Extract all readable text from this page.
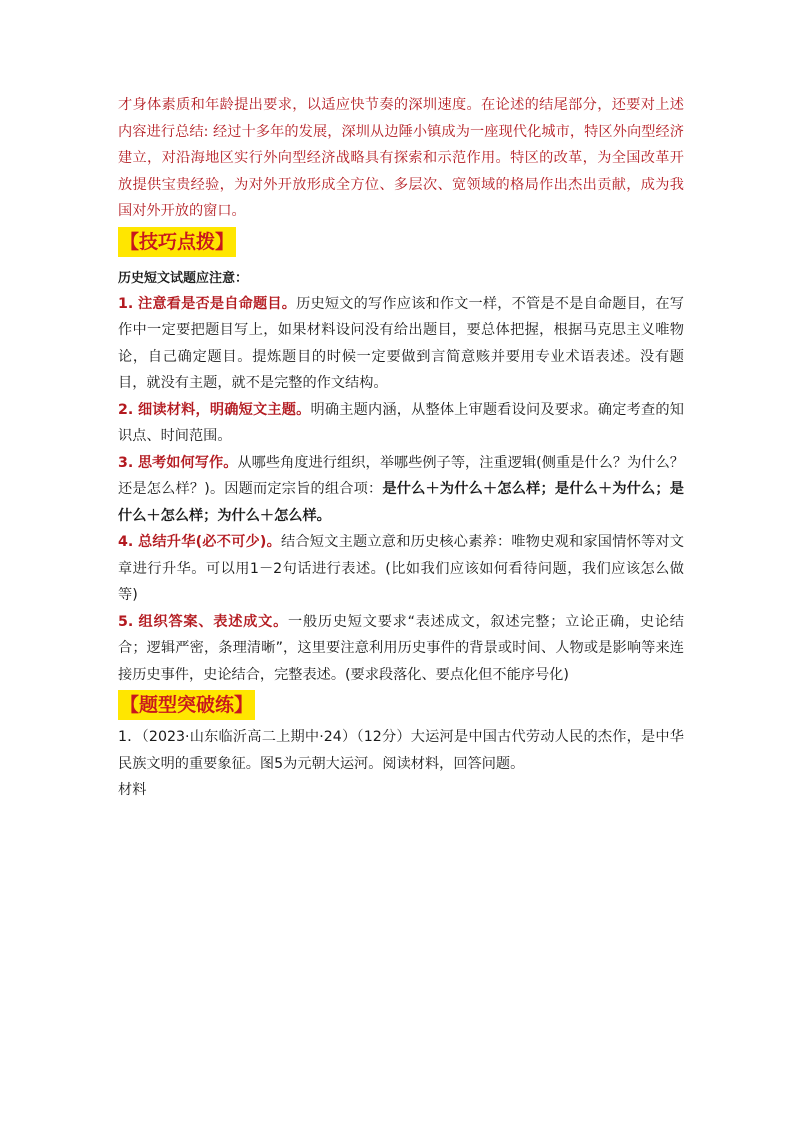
才身体素质和年龄提出要求，以适应快节奏的深圳速度。在论述的结尾部分，还要对上述内容进行总结: 经过十多年的发展，深圳从边陲小镇成为一座现代化城市，特区外向型经济建立，对沿海地区实行外向型经济战略具有探索和示范作用。特区的改革，为全国改革开放提供宝贵经验，为对外开放形成全方位、多层次、宽领域的格局作出杰出贡献，成为我国对外开放的窗口。

【技巧点拨】

历史短文试题应注意：

1. 注意看是否是自命题目。历史短文的写作应该和作文一样，不管是不是自命题目，在写作中一定要把题目写上，如果材料设问没有给出题目，要总体把握，根据马克思主义唯物论，自己确定题目。提炼题目的时候一定要做到言简意赅并要用专业术语表述。没有题目，就没有主题，就不是完整的作文结构。

2. 细读材料，明确短文主题。明确主题内涵，从整体上审题看设问及要求。确定考查的知识点、时间范围。

3. 思考如何写作。从哪些角度进行组织，举哪些例子等，注重逻辑(侧重是什么？为什么？还是怎么样？)。因题而定宗旨的组合项：是什么＋为什么＋怎么样；是什么＋为什么；是什么＋怎么样；为什么＋怎么样。

4. 总结升华(必不可少)。结合短文主题立意和历史核心素养：唯物史观和家国情怀等对文章进行升华。可以用1－2句话进行表述。(比如我们应该如何看待问题，我们应该怎么做等)

5. 组织答案、表述成文。一般历史短文要求“表述成文，叙述完整；立论正确，史论结合；逻辑严密，条理清晰”，这里要注意利用历史事件的背景或时间、人物或是影响等来连接历史事件，史论结合，完整表述。(要求段落化、要点化但不能序号化)

【题型突破练】

1．（2023·山东临沂高二上期中·24）（12分）大运河是中国古代劳动人民的杰作，是中华民族文明的重要象征。图5为元朝大运河。阅读材料，回答问题。

材料
